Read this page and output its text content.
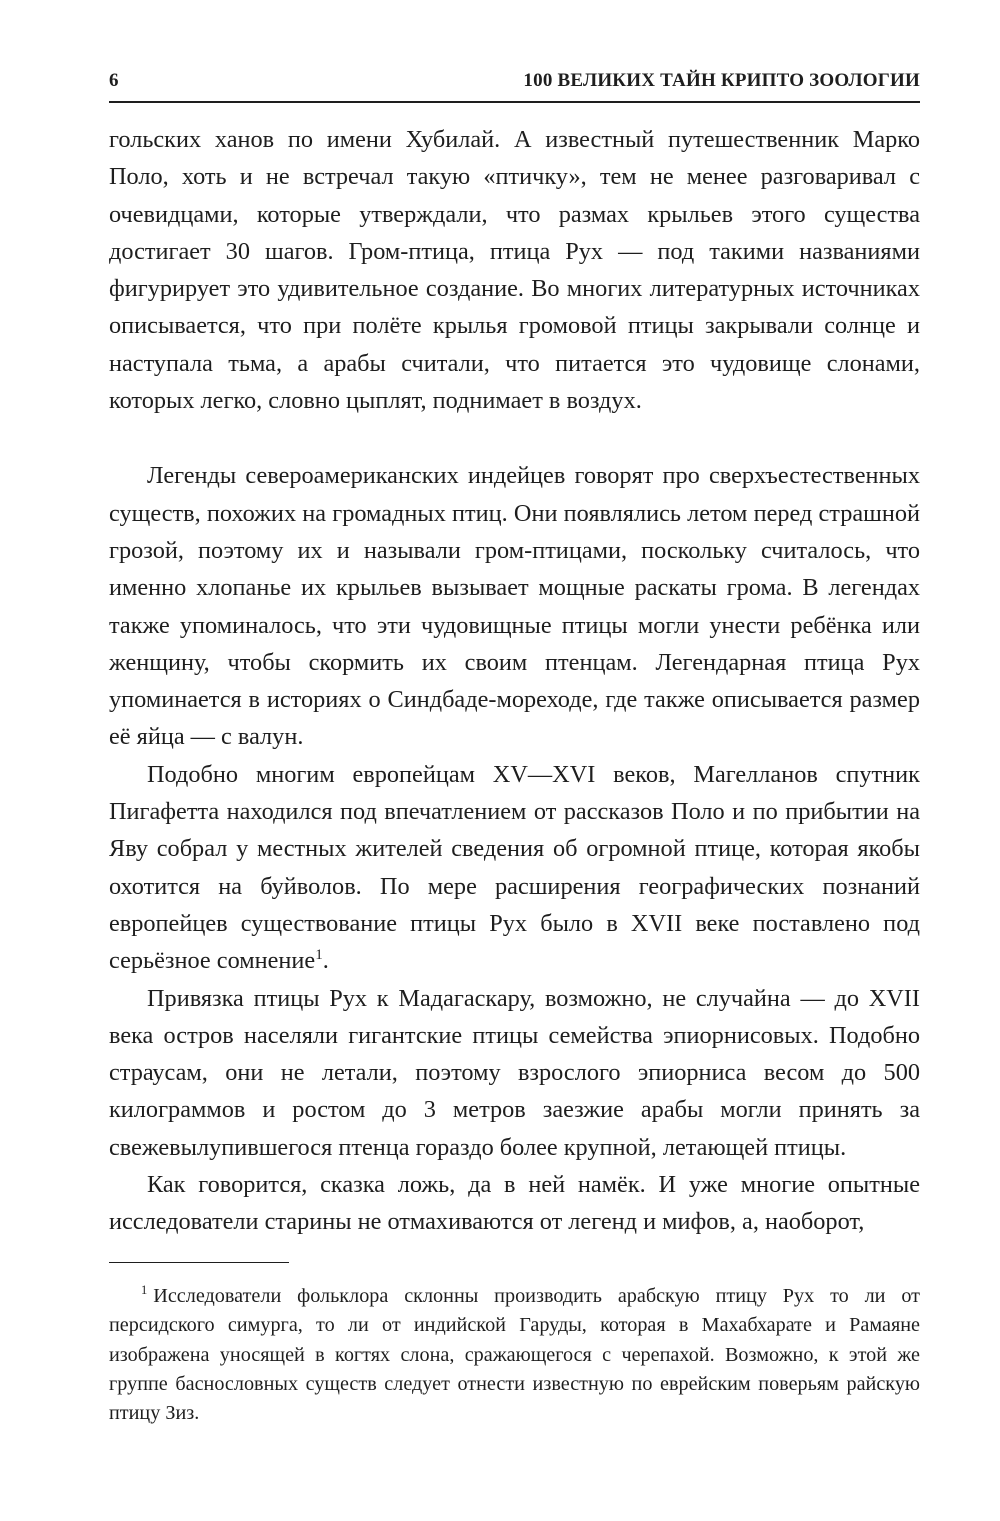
6	100 ВЕЛИКИХ ТАЙН КРИПТО ЗООЛОГИИ

гольских ханов по имени Хубилай. А известный путешественник Марко Поло, хоть и не встречал такую «птичку», тем не менее разговаривал с очевидцами, которые утверждали, что размах крыльев этого существа достигает 30 шагов. Гром-птица, птица Рух — под такими названиями фигурирует это удивительное создание. Во многих литературных источниках описывается, что при полёте крылья громовой птицы закрывали солнце и наступала тьма, а арабы считали, что питается это чудовище слонами, которых легко, словно цыплят, поднимает в воздух.

Легенды североамериканских индейцев говорят про сверхъестественных существ, похожих на громадных птиц. Они появлялись летом перед страшной грозой, поэтому их и называли гром-птицами, поскольку считалось, что именно хлопанье их крыльев вызывает мощные раскаты грома. В легендах также упоминалось, что эти чудовищные птицы могли унести ребёнка или женщину, чтобы скормить их своим птенцам. Легендарная птица Рух упоминается в историях о Синдбаде-мореходе, где также описывается размер её яйца — с валун.

Подобно многим европейцам XV—XVI веков, Магелланов спутник Пигафетта находился под впечатлением от рассказов Поло и по прибытии на Яву собрал у местных жителей сведения об огромной птице, которая якобы охотится на буйволов. По мере расширения географических познаний европейцев существование птицы Рух было в XVII веке поставлено под серьёзное сомнение$^1$.

Привязка птицы Рух к Мадагаскару, возможно, не случайна — до XVII века остров населяли гигантские птицы семейства эпиорнисовых. Подобно страусам, они не летали, поэтому взрослого эпиорниса весом до 500 килограммов и ростом до 3 метров заезжие арабы могли принять за свежевылупившегося птенца гораздо более крупной, летающей птицы.

Как говорится, сказка ложь, да в ней намёк. И уже многие опытные исследователи старины не отмахиваются от легенд и мифов, а, наоборот,

$^1$ Исследователи фольклора склонны производить арабскую птицу Рух то ли от персидского симурга, то ли от индийской Гаруды, которая в Махабхарате и Рамаяне изображена уносящей в когтях слона, сражающегося с черепахой. Возможно, к этой же группе баснословных существ следует отнести известную по еврейским поверьям райскую птицу Зиз.
